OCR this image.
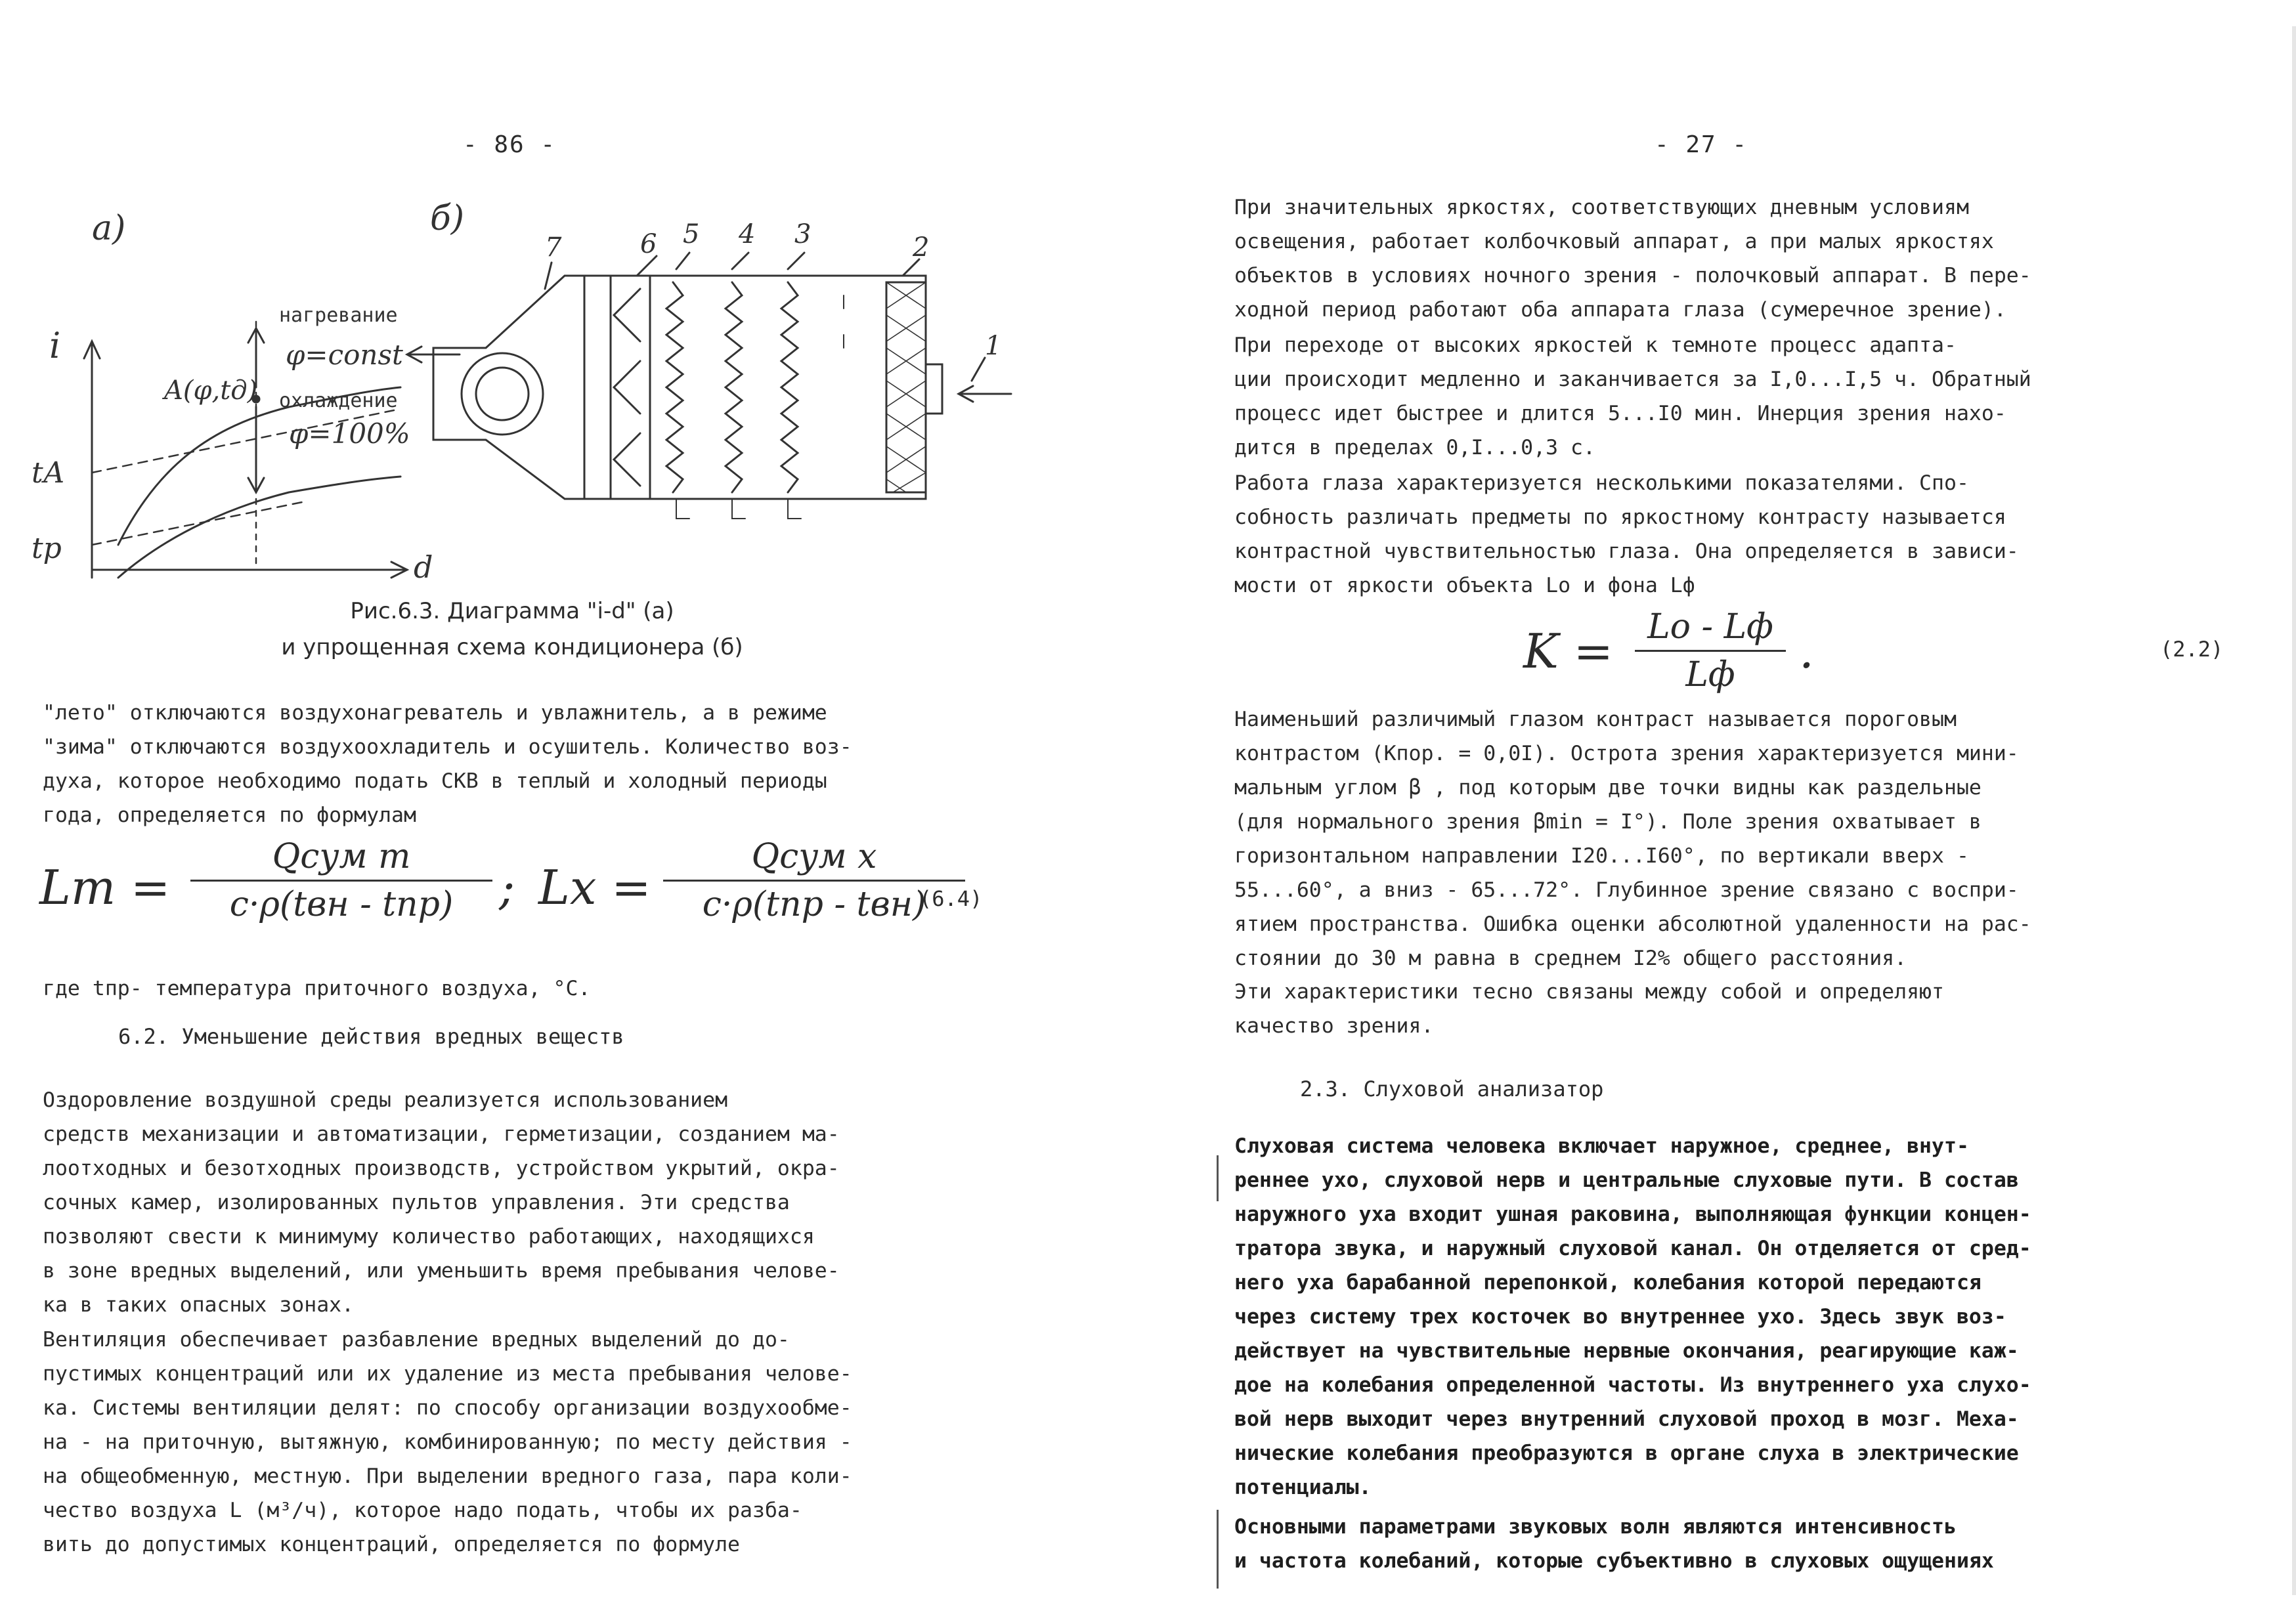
- 86 -
а)	б)
i
d
tА
tр
A(φ,tд)
φ=const
φ=100%
7	6 5 4 3	2
1
нагревание
охлаждение
Рис.6.3. Диаграмма "i-d" (а)
и упрощенная схема кондиционера (б)

"лето" отключаются воздухонагреватель и увлажнитель, а в режиме
"зима" отключаются воздухоохладитель и осушитель. Количество воз-
духа, которое необходимо подать СКВ в теплый и холодный периоды
года, определяется по формулам

Lт =
Qсум т
c·ρ(tвн - tпр) ; Lх =
Qсум х
c·ρ(tпр - tвн)
(6.4)

где tпр- температура приточного воздуха, °С.

6.2. Уменьшение действия вредных веществ

Оздоровление воздушной среды реализуется использованием
средств механизации и автоматизации, герметизации, созданием ма-
лоотходных и безотходных производств, устройством укрытий, окра-
сочных камер, изолированных пультов управления. Эти средства
позволяют свести к минимуму количество работающих, находящихся
в зоне вредных выделений, или уменьшить время пребывания челове-
ка в таких опасных зонах.

Вентиляция обеспечивает разбавление вредных выделений до до-
пустимых концентраций или их удаление из места пребывания челове-
ка. Системы вентиляции делят: по способу организации воздухообме-
на - на приточную, вытяжную, комбинированную; по месту действия -
на общеобменную, местную. При выделении вредного газа, пара коли-
чество воздуха L (м³/ч), которое надо подать, чтобы их разба-
вить до допустимых концентраций, определяется по формуле

- 27 -

При значительных яркостях, соответствующих дневным условиям
освещения, работает колбочковый аппарат, а при малых яркостях
объектов в условиях ночного зрения - полочковый аппарат. В пере-
ходной период работают оба аппарата глаза (сумеречное зрение).

При переходе от высоких яркостей к темноте процесс адапта-
ции происходит медленно и заканчивается за I,0...I,5 ч. Обратный
процесс идет быстрее и длится 5...I0 мин. Инерция зрения нахо-
дится в пределах 0,I...0,3 с.

Работа глаза характеризуется несколькими показателями. Спо-
собность различать предметы по яркостному контрасту называется
контрастной чувствительностью глаза. Она определяется в зависи-
мости от яркости объекта Lо и фона Lф

K = Lо - Lф
Lф .	(2.2)

Наименьший различимый глазом контраст называется пороговым
контрастом (Kпор. = 0,0I). Острота зрения характеризуется мини-
мальным углом β , под которым две точки видны как раздельные
(для нормального зрения βmin = I°). Поле зрения охватывает в
горизонтальном направлении I20...I60°, по вертикали вверх -
55...60°, а вниз - 65...72°. Глубинное зрение связано с воспри-
ятием пространства. Ошибка оценки абсолютной удаленности на рас-
стоянии до 30 м равна в среднем I2% общего расстояния.

Эти характеристики тесно связаны между собой и определяют
качество зрения.

2.3. Слуховой анализатор

Слуховая система человека включает наружное, среднее, внут-
реннее ухо, слуховой нерв и центральные слуховые пути. В состав
наружного уха входит ушная раковина, выполняющая функции концен-
тратора звука, и наружный слуховой канал. Он отделяется от сред-
него уха барабанной перепонкой, колебания которой передаются
через систему трех косточек во внутреннее ухо. Здесь звук воз-
действует на чувствительные нервные окончания, реагирующие каж-
дое на колебания определенной частоты. Из внутреннего уха слухо-
вой нерв выходит через внутренний слуховой проход в мозг. Меха-
нические колебания преобразуются в органе слуха в электрические
потенциалы.

Основными параметрами звуковых волн являются интенсивность
и частота колебаний, которые субъективно в слуховых ощущениях
